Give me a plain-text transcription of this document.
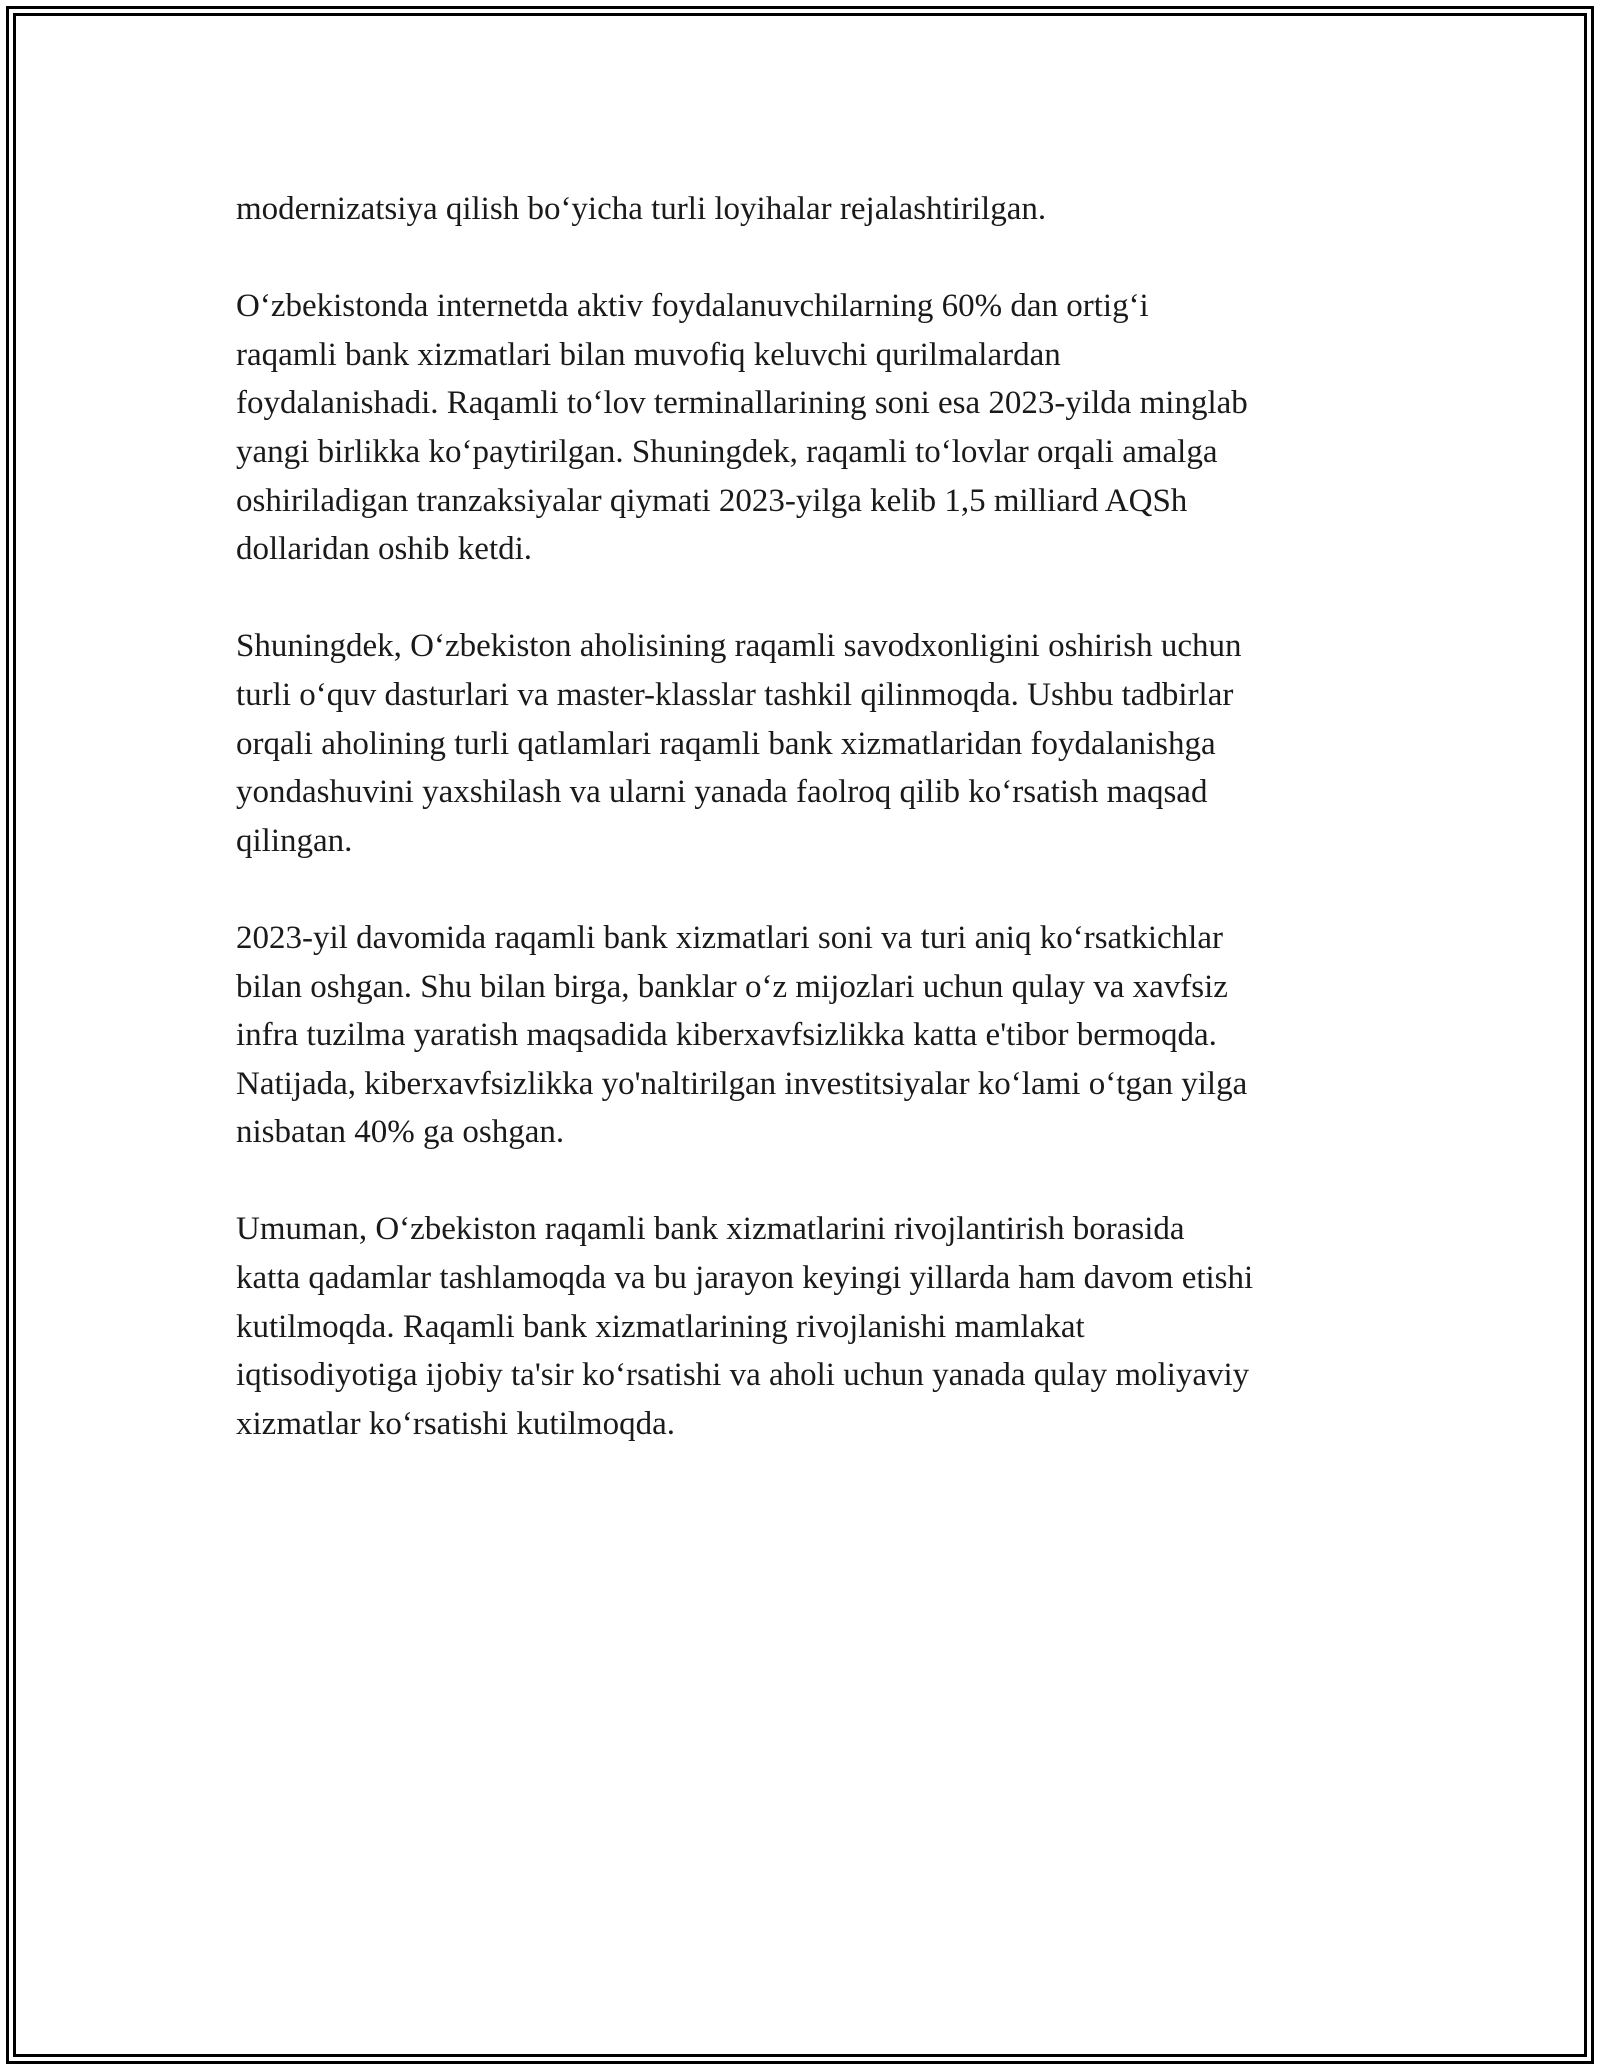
modernizatsiya qilish bo‘yicha turli loyihalar rejalashtirilgan.

O‘zbekistonda internetda aktiv foydalanuvchilarning 60% dan ortig‘i
raqamli bank xizmatlari bilan muvofiq keluvchi qurilmalardan
foydalanishadi. Raqamli to‘lov terminallarining soni esa 2023-yilda minglab
yangi birlikka ko‘paytirilgan. Shuningdek, raqamli to‘lovlar orqali amalga
oshiriladigan tranzaksiyalar qiymati 2023-yilga kelib 1,5 milliard AQSh
dollaridan oshib ketdi.

Shuningdek, O‘zbekiston aholisining raqamli savodxonligini oshirish uchun
turli o‘quv dasturlari va master-klasslar tashkil qilinmoqda. Ushbu tadbirlar
orqali aholining turli qatlamlari raqamli bank xizmatlaridan foydalanishga
yondashuvini yaxshilash va ularni yanada faolroq qilib ko‘rsatish maqsad
qilingan.

2023-yil davomida raqamli bank xizmatlari soni va turi aniq ko‘rsatkichlar
bilan oshgan. Shu bilan birga, banklar o‘z mijozlari uchun qulay va xavfsiz
infra tuzilma yaratish maqsadida kiberxavfsizlikka katta e'tibor bermoqda.
Natijada, kiberxavfsizlikka yo'naltirilgan investitsiyalar ko‘lami o‘tgan yilga
nisbatan 40% ga oshgan.

Umuman, O‘zbekiston raqamli bank xizmatlarini rivojlantirish borasida
katta qadamlar tashlamoqda va bu jarayon keyingi yillarda ham davom etishi
kutilmoqda. Raqamli bank xizmatlarining rivojlanishi mamlakat
iqtisodiyotiga ijobiy ta'sir ko‘rsatishi va aholi uchun yanada qulay moliyaviy
xizmatlar ko‘rsatishi kutilmoqda.
